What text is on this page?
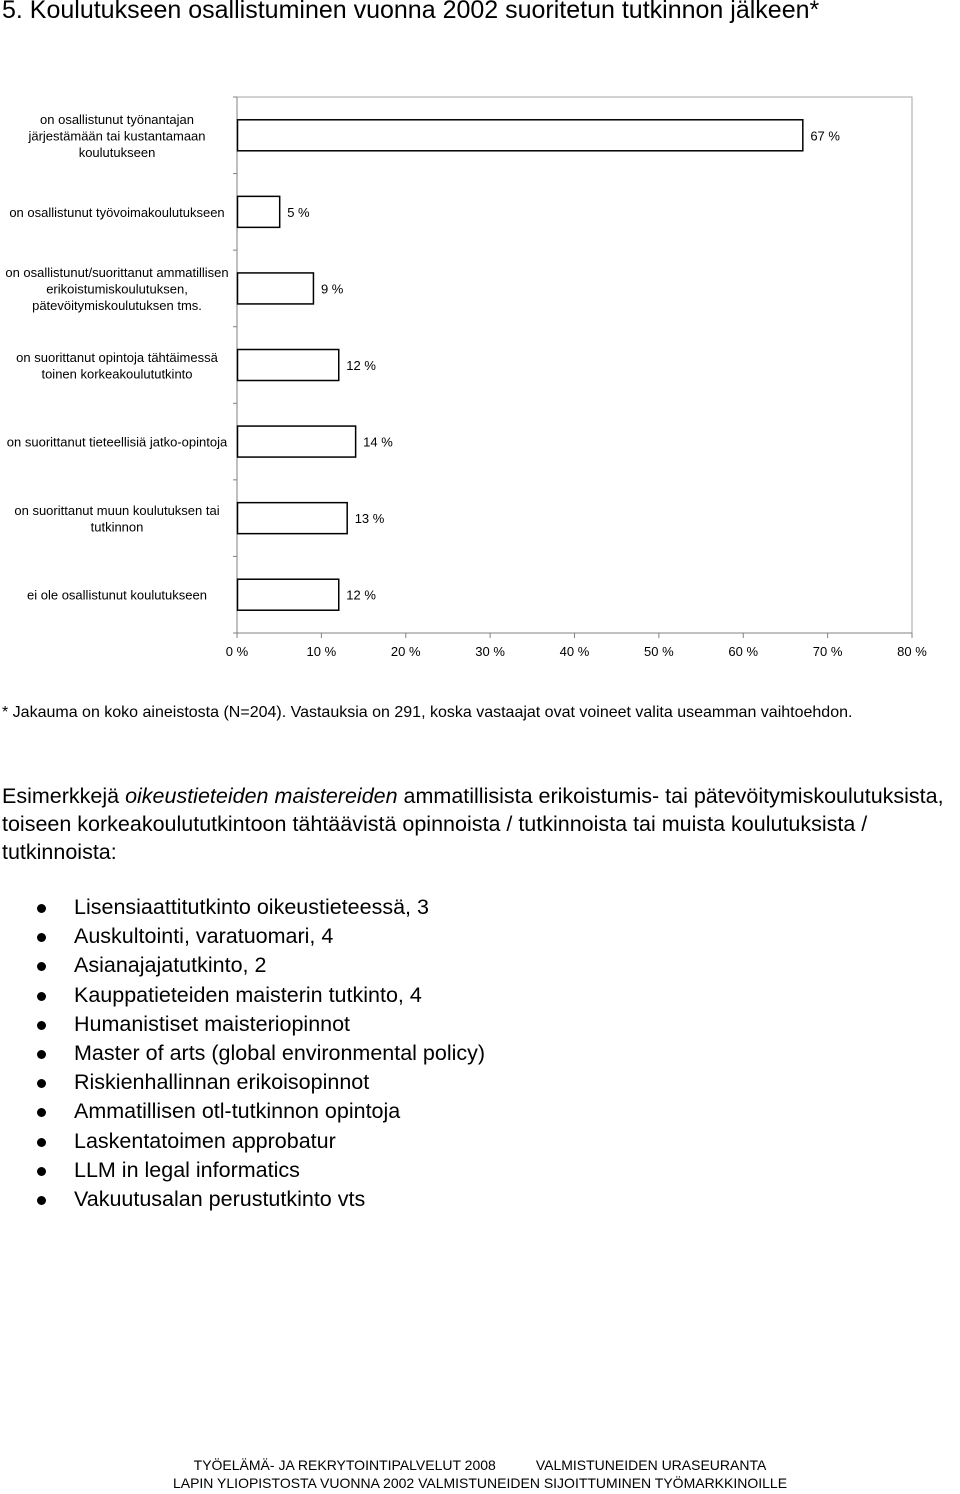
5. Koulutukseen osallistuminen vuonna 2002 suoritetun tutkinnon jälkeen*
on osallistunut työnantajan järjestämään tai kustantamaan koulutukseen
on osallistunut työvoimakoulutukseen
on osallistunut/suorittanut ammatillisen erikoistumiskoulutuksen, pätevöitymiskoulutuksen tms.
on suorittanut opintoja tähtäimessä toinen korkeakoulututkinto
on suorittanut tieteellisiä jatko-opintoja
on suorittanut muun koulutuksen tai tutkinnon
ei ole osallistunut koulutukseen
67 %
5 %
9 %
12 %
14 %
13 %
12 %
0 %	10 %	20 %	30 %	40 %	50 %	60 %	70 %	80 %
* Jakauma on koko aineistosta (N=204). Vastauksia on 291, koska vastaajat ovat voineet valita useamman vaihtoehdon.

Esimerkkejä oikeustieteiden maistereiden ammatillisista erikoistumis- tai pätevöitymiskoulutuksista, toiseen korkeakoulututkintoon tähtäävistä opinnoista / tutkinnoista tai muista koulutuksista / tutkinnoista:

Lisensiaattitutkinto oikeustieteessä, 3
Auskultointi, varatuomari, 4
Asianajajatutkinto, 2
Kauppatieteiden maisterin tutkinto, 4
Humanistiset maisteriopinnot
Master of arts (global environmental policy)
Riskienhallinnan erikoisopinnot
Ammatillisen otl-tutkinnon opintoja
Laskentatoimen approbatur
LLM in legal informatics
Vakuutusalan perustutkinto vts
TYÖELÄMÄ- JA REKRYTOINTIPALVELUT 2008	VALMISTUNEIDEN URASEURANTA
LAPIN YLIOPISTOSTA VUONNA 2002 VALMISTUNEIDEN SIJOITTUMINEN TYÖMARKKINOILLE
